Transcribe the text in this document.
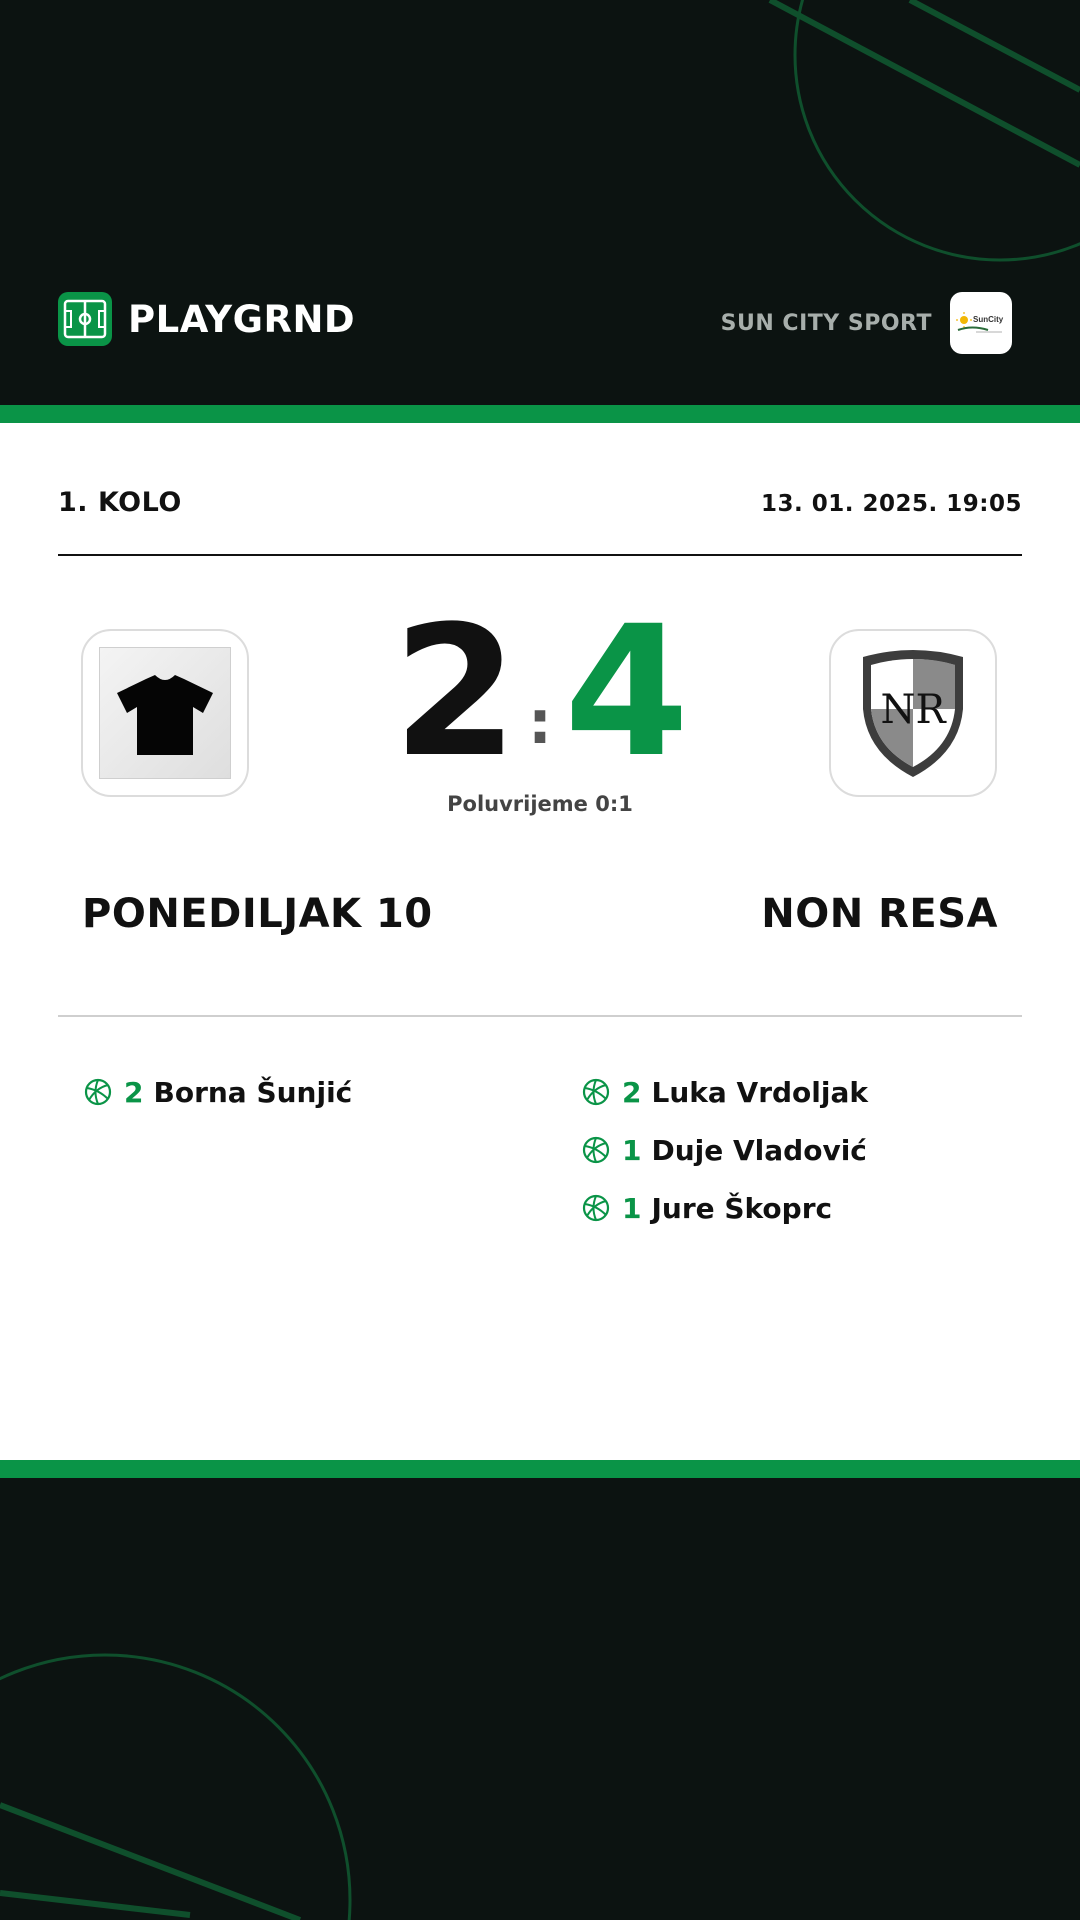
PLAYGRND	SUN CITY SPORT	SunCity
1. KOLO	13. 01. 2025. 19:05
2 : 4	NR
Poluvrijeme 0:1
PONEDILJAK 10	NON RESA
2 Borna Šunjić	2 Luka Vrdoljak
1 Duje Vladović
1 Jure Škoprc
